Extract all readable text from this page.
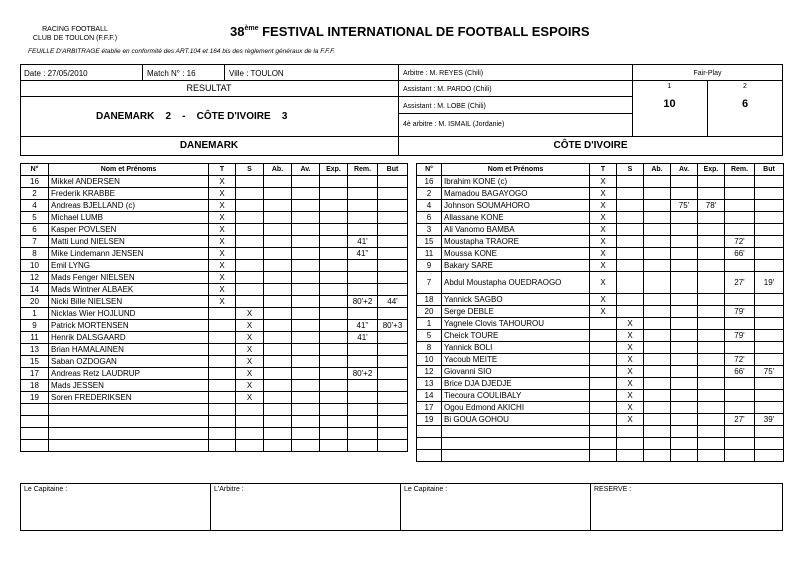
RACING FOOTBALL
CLUB DE TOULON (F.F.F.)	38ème FESTIVAL INTERNATIONAL DE FOOTBALL ESPOIRS
FEUILLE D'ARBITRAGE établie en conformité des ART.104 et 164 bis des règlement généraux de la F.F.F.
Date : 27/05/2010	Match N° : 16	Ville : TOULON
RESULTAT
DANEMARK 2 - CÔTE D'IVOIRE 3
Arbitre : M. REYES (Chili)
Assistant : M. PARDO (Chili)
Assistant : M. LOBE (Chili)
4è arbitre : M. ISMAIL (Jordanie)
Fair-Play
1	2
10	6
DANEMARK	CÔTE D'IVOIRE
N°	Nom et Prénoms	T	S	Ab.	Av.	Exp.	Rem.	But
16	Mikkel ANDERSEN	X						
2	Frederik KRABBE	X						
4	Andreas BJELLAND (c)	X						
5	Michael LUMB	X						
6	Kasper POVLSEN	X						
7	Matti Lund NIELSEN	X					41'	
8	Mike Lindemann JENSEN	X					41''	
10	Emil LYNG	X						
12	Mads Fenger NIELSEN	X						
14	Mads Wintner ALBAEK	X						
20	Nicki Bille NIELSEN	X					80'+2	44'
1	Nicklas Wier HOJLUND		X					
9	Patrick MORTENSEN		X				41''	80'+3
11	Henrik DALSGAARD		X				41'	
13	Brian HAMALAINEN		X					
15	Saban OZDOGAN		X					
17	Andreas Retz LAUDRUP		X				80'+2	
18	Mads JESSEN		X					
19	Soren FREDERIKSEN		X					

N°	Nom et Prénoms	T	S	Ab.	Av.	Exp.	Rem.	But
16	Ibrahim KONE (c)	X						
2	Mamadou BAGAYOGO	X						
4	Johnson SOUMAHORO	X			75'	78'		
6	Allassane KONE	X						
3	Ali Vanomo BAMBA	X						
15	Moustapha TRAORE	X					72'	
11	Moussa KONE	X					66'	
9	Bakary SARE	X						
7	Abdul Moustapha OUEDRAOGO	X					27'	19'
18	Yannick SAGBO	X						
20	Serge DEBLE	X					79'	
1	Yagnele Clovis TAHOUROU		X					
5	Cheick TOURE		X				79'	
8	Yannick BOLI		X					
10	Yacoub MEITE		X				72'	
12	Giovanni SIO		X				66'	75'
13	Brice DJA DJEDJE		X					
14	Tiecoura COULIBALY		X					
17	Ogou Edmond AKICHI		X					
19	Bi GOUA GOHOU		X				27'	39'

Le Capitaine :	L'Arbitre :	Le Capitaine :	RESERVE :
